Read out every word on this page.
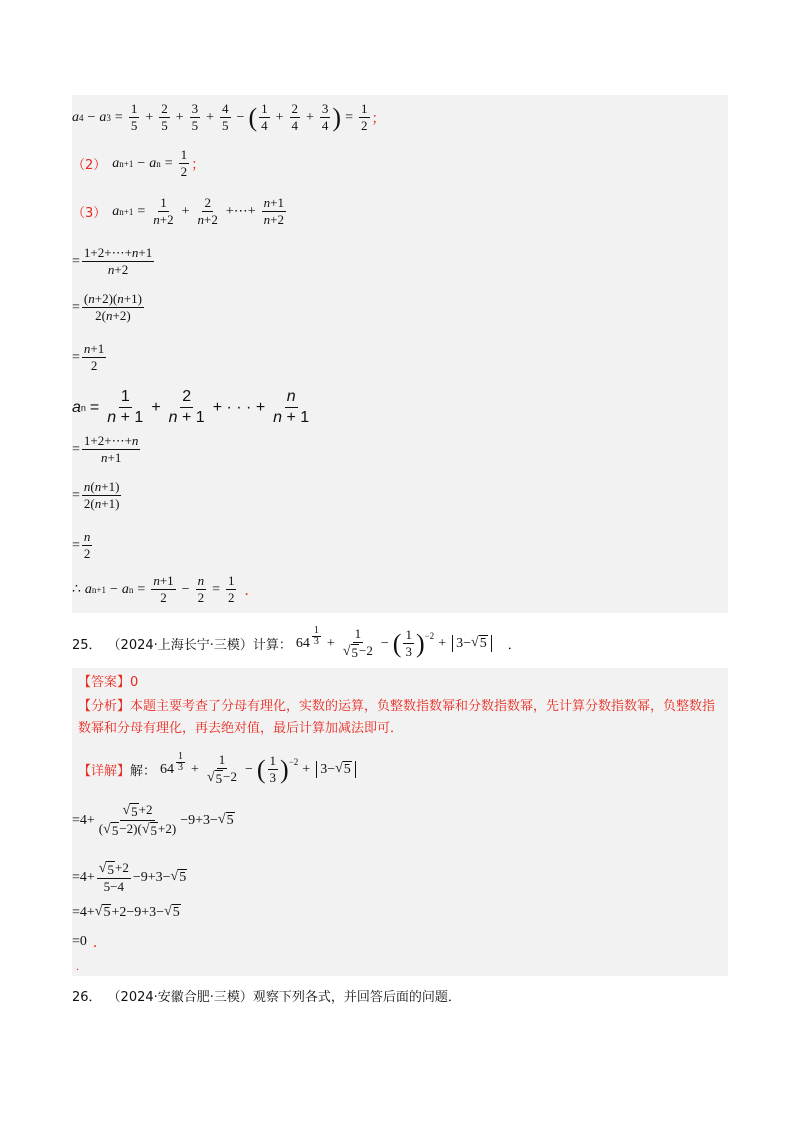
a 4 − a $3 = \frac{1}{5} + \frac{2}{5} + \frac{3}{5} + \frac{4}{5}$ − ( $\frac{1}{4} + \frac{2}{4} + \frac{3}{4}$ ) = $\frac{1}{2}$ ；
（2） a n+1 − a $n = \frac{1}{2}$ ；
（3） a $n+1 = \frac{1}{n+2} + \frac{2}{n+2}$ +⋯+ $\frac{n+1}{n+2}$
= $\frac{1+2+\cdots+n+1}{n+2}$
= $\frac{(n+2)(n+1)}{2(n+2)}$
= $\frac{n+1}{2}$
a $n = \frac{1}{n + 1} + \frac{2}{n + 1}$ + · · · + $\frac{n}{n + 1}$
= $\frac{1+2+\cdots+n}{n+1}$
= $\frac{n(n+1)}{2(n+1)}$
= $\frac{n}{2}$
∴ a n+1 − a $n = \frac{n+1}{2} - \frac{n}{2} = \frac{1}{2}$ ．
25． （2024·上海长宁·三模） 计算： $64 \frac{1}{3} + \frac{1}{√ 5 -2}$ − ( $\frac{1}{3}$ ) −2 + 3− √ 5 ．
【答案】0
【分析】本题主要考查了分母有理化，实数的运算，负整数指数幂和分数指数幂，先计算分数指数幂，负整数指数幂和分母有理化，再去绝对值，最后计算加减法即可．
【详解】 解： $64 \frac{1}{3} + \frac{1}{√ 5 -2}$ − ( $\frac{1}{3}$ ) −2 + 3− √ 5
$=4+ \frac{√ 5 +2}{( √ 5 -2)( √ 5 +2)} -9+3-$ √ 5
$=4+ \frac{√ 5 +2}{5-4} -9+3-$ √ 5
=4+ √ 5 +2−9+3− √ 5
= 0 ．
．
26． （2024·安徽合肥·三模） 观察下列各式，并回答后面的问题．
